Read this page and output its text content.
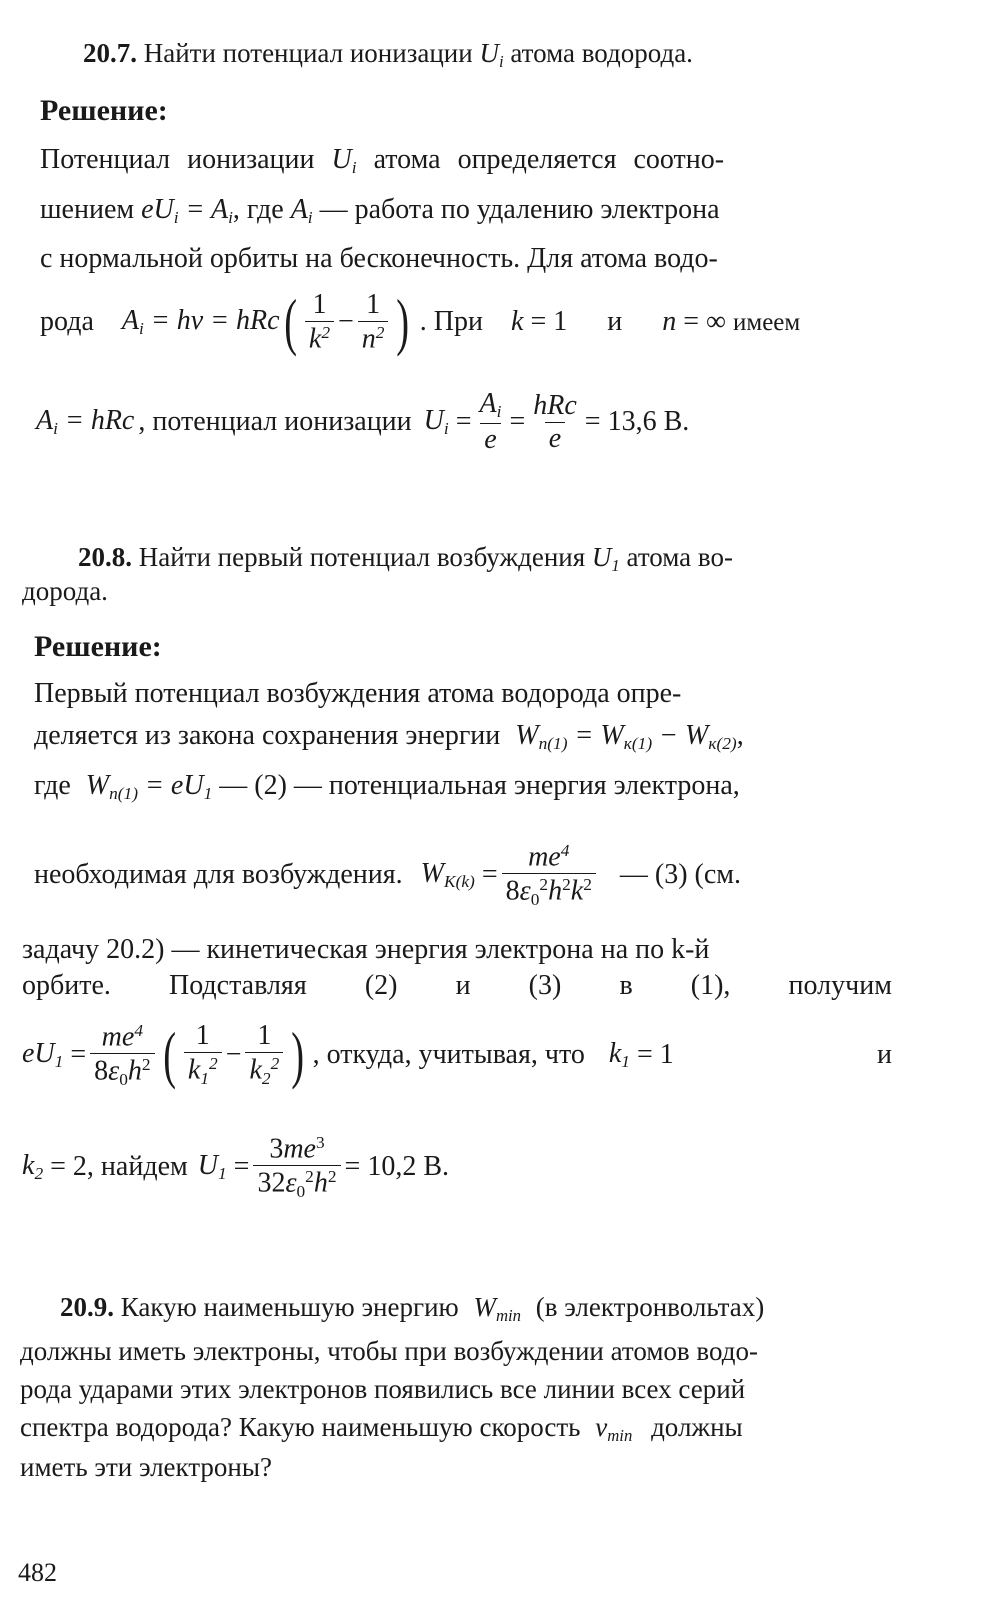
20.7. Найти потенциал ионизации $U_i$ атома водорода.
Решение:
Потенциал ионизации $U_i$ атома определяется соотно-
шением $eU_i = A_i$, где $A_i$ — работа по удалению электрона
с нормальной орбиты на бесконечность. Для атома водо-
рода $A_i = h\nu$ = hRc ( $\frac{1}{k^2} - \frac{1}{n^2}$ ) . При k = 1 и n = ∞ имеем
$A_i$ = hRc , потенциал ионизации $U_i = \frac{A_i}{e} = \frac{\text{hRc}}{e} = 13,6$ В.
20.8. Найти первый потенциал возбуждения $U_1$ атома во-
дорода.
Решение:
Первый потенциал возбуждения атома водорода опре-
деляется из закона сохранения энергии $W_{п(1)} = W_{к(1)} - W_{к(2)}$,
где $W_{п(1)} = eU_1$ — (2) — потенциальная энергия электрона,
необходимая для возбуждения. $W_{K(k)} = \frac{me^4}{8\varepsilon_0^2h^2k^2}$ — (3) (см.
задачу 20.2) — кинетическая энергия электрона на по k-й
орбите. Подставляя (2) и (3) в (1), получим
$eU_1 = \frac{me^4}{8\varepsilon_0h^2}$ ( $\frac{1}{k_1^2} - \frac{1}{k_2^2}$ ) , откуда, учитывая, что $k_1 = 1$	и
$k_2 = 2$ , найдем $U_1 = \frac{3me^3}{32\varepsilon_0^2h^2} = 10,2$ В.
20.9. Какую наименьшую энергию $W_{min}$ (в электронвольтах)
должны иметь электроны, чтобы при возбуждении атомов водо-
рода ударами этих электронов появились все линии всех серий
спектра водорода? Какую наименьшую скорость $v_{min}$ должны
иметь эти электроны?
482
